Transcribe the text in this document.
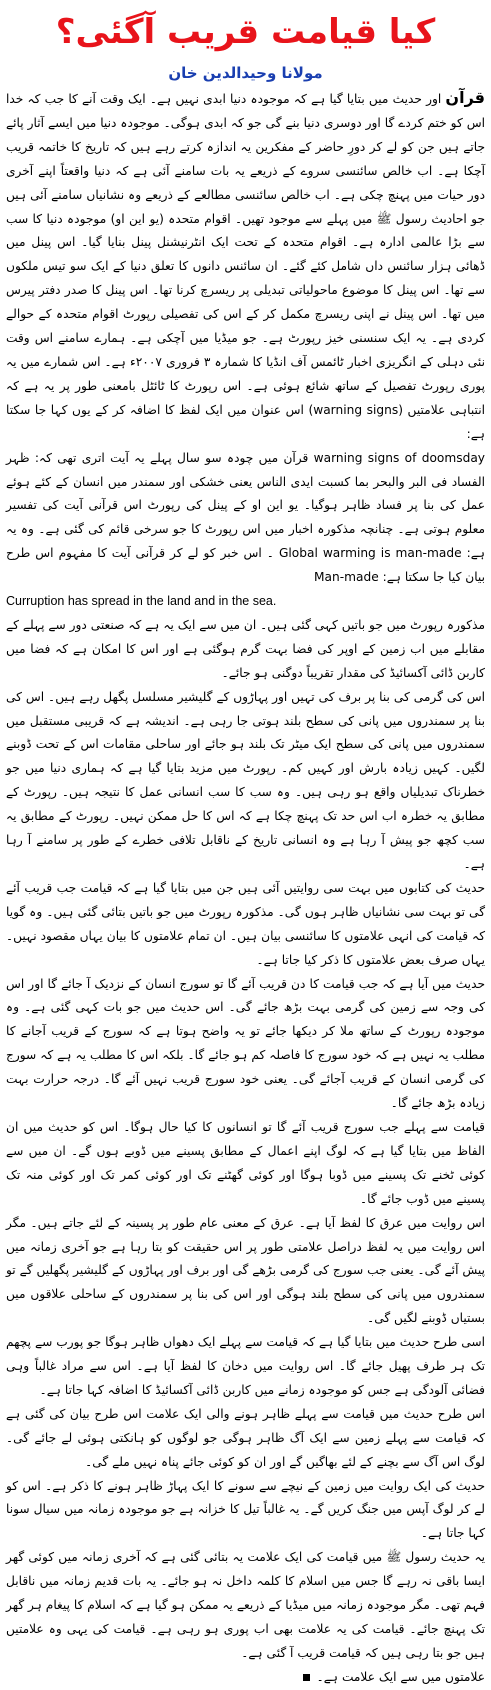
کیا قیامت قریب آگئی؟
مولانا وحیدالدین خان

قرآن اور حدیث میں بتایا گیا ہے کہ موجودہ دنیا ابدی نہیں ہے۔ ایک وقت آنے کا جب کہ خدا اس کو ختم کردے گا اور دوسری دنیا بنے گی جو کہ ابدی ہوگی۔ موجودہ دنیا میں ایسے آثار پائے جاتے ہیں جن کو لے کر دورِ حاضر کے مفکرین یہ اندازہ کرتے رہے ہیں کہ تاریخ کا خاتمہ قریب آچکا ہے۔ اب خالص سائنسی سروے کے ذریعے یہ بات سامنے آئی ہے کہ دنیا واقعتاً اپنے آخری دور حیات میں پہنچ چکی ہے۔ اب خالص سائنسی مطالعے کے ذریعے وہ نشانیاں سامنے آئی ہیں جو احادیث رسول ﷺ میں پہلے سے موجود تھیں۔ اقوام متحدہ (یو این او) موجودہ دنیا کا سب سے بڑا عالمی ادارہ ہے۔ اقوام متحدہ کے تحت ایک انٹرنیشنل پینل بنایا گیا۔ اس پینل میں ڈھائی ہزار سائنس داں شامل کئے گئے۔ ان سائنس دانوں کا تعلق دنیا کے ایک سو تیس ملکوں سے تھا۔ اس پینل کا موضوع ماحولیاتی تبدیلی پر ریسرچ کرنا تھا۔ اس پینل کا صدر دفتر پیرس میں تھا۔ اس پینل نے اپنی ریسرچ مکمل کر کے اس کی تفصیلی رپورٹ اقوام متحدہ کے حوالے کردی ہے۔ یہ ایک سنسنی خیز رپورٹ ہے۔ جو میڈیا میں آچکی ہے۔ ہمارے سامنے اس وقت نئی دہلی کے انگریزی اخبار ٹائمس آف انڈیا کا شمارہ ۳ فروری ۲۰۰۷ء ہے۔ اس شمارے میں یہ پوری رپورٹ تفصیل کے ساتھ شائع ہوئی ہے۔ اس رپورٹ کا ٹائٹل بامعنی طور پر یہ ہے کہ انتباہی علامتیں (warning signs) اس عنوان میں ایک لفظ کا اضافہ کر کے یوں کہا جا سکتا ہے:

warning signs of doomsday قرآن میں چودہ سو سال پہلے یہ آیت اتری تھی کہ: ظہر الفساد فی البر والبحر بما کسبت ایدی الناس یعنی خشکی اور سمندر میں انسان کے کئے ہوئے عمل کی بنا پر فساد ظاہر ہوگیا۔ یو این او کے پینل کی رپورٹ اس قرآنی آیت کی تفسیر معلوم ہوتی ہے۔ چنانچہ مذکورہ اخبار میں اس رپورٹ کا جو سرخی قائم کی گئی ہے۔ وہ یہ ہے: Global warming is man-made ۔ اس خبر کو لے کر قرآنی آیت کا مفہوم اس طرح بیان کیا جا سکتا ہے: Man-made

Curruption has spread in the land and in the sea.

مذکورہ رپورٹ میں جو باتیں کہی گئی ہیں۔ ان میں سے ایک یہ ہے کہ صنعتی دور سے پہلے کے مقابلے میں اب زمین کے اوپر کی فضا بہت گرم ہوگئی ہے اور اس کا امکان ہے کہ فضا میں کاربن ڈائی آکسائیڈ کی مقدار تقریباً دوگنی ہو جائے۔

اس کی گرمی کی بنا پر برف کی تہیں اور پہاڑوں کے گلیشیر مسلسل پگھل رہے ہیں۔ اس کی بنا پر سمندروں میں پانی کی سطح بلند ہوتی جا رہی ہے۔ اندیشہ ہے کہ قریبی مستقبل میں سمندروں میں پانی کی سطح ایک میٹر تک بلند ہو جائے اور ساحلی مقامات اس کے تحت ڈوبنے لگیں۔ کہیں زیادہ بارش اور کہیں کم۔ رپورٹ میں مزید بتایا گیا ہے کہ ہماری دنیا میں جو خطرناک تبدیلیاں واقع ہو رہی ہیں۔ وہ سب کا سب انسانی عمل کا نتیجہ ہیں۔ رپورٹ کے مطابق یہ خطرہ اب اس حد تک پہنچ چکا ہے کہ اس کا حل ممکن نہیں۔ رپورٹ کے مطابق یہ سب کچھ جو پیش آ رہا ہے وہ انسانی تاریخ کے ناقابل تلافی خطرے کے طور پر سامنے آ رہا ہے۔

حدیث کی کتابوں میں بہت سی روایتیں آئی ہیں جن میں بتایا گیا ہے کہ قیامت جب قریب آئے گی تو بہت سی نشانیاں ظاہر ہوں گی۔ مذکورہ رپورٹ میں جو باتیں بتائی گئی ہیں۔ وہ گویا کہ قیامت کی انہی علامتوں کا سائنسی بیان ہیں۔ ان تمام علامتوں کا بیان یہاں مقصود نہیں۔ یہاں صرف بعض علامتوں کا ذکر کیا جاتا ہے۔

حدیث میں آیا ہے کہ جب قیامت کا دن قریب آئے گا تو سورج انسان کے نزدیک آ جائے گا اور اس کی وجہ سے زمین کی گرمی بہت بڑھ جائے گی۔ اس حدیث میں جو بات کہی گئی ہے۔ وہ موجودہ رپورٹ کے ساتھ ملا کر دیکھا جائے تو یہ واضح ہوتا ہے کہ سورج کے قریب آجانے کا مطلب یہ نہیں ہے کہ خود سورج کا فاصلہ کم ہو جائے گا۔ بلکہ اس کا مطلب یہ ہے کہ سورج کی گرمی انسان کے قریب آجائے گی۔ یعنی خود سورج قریب نہیں آئے گا۔ درجہ حرارت بہت زیادہ بڑھ جائے گا۔

قیامت سے پہلے جب سورج قریب آئے گا تو انسانوں کا کیا حال ہوگا۔ اس کو حدیث میں ان الفاظ میں بتایا گیا ہے کہ لوگ اپنے اعمال کے مطابق پسینے میں ڈوبے ہوں گے۔ ان میں سے کوئی ٹخنے تک پسینے میں ڈوبا ہوگا اور کوئی گھٹنے تک اور کوئی کمر تک اور کوئی منہ تک پسینے میں ڈوب جائے گا۔

اس روایت میں عرق کا لفظ آیا ہے۔ عرق کے معنی عام طور پر پسینہ کے لئے جاتے ہیں۔ مگر اس روایت میں یہ لفظ دراصل علامتی طور پر اس حقیقت کو بتا رہا ہے جو آخری زمانہ میں پیش آئے گی۔ یعنی جب سورج کی گرمی بڑھے گی اور برف اور پہاڑوں کے گلیشیر پگھلیں گے تو سمندروں میں پانی کی سطح بلند ہوگی اور اس کی بنا پر سمندروں کے ساحلی علاقوں میں بستیاں ڈوبنے لگیں گی۔

اسی طرح حدیث میں بتایا گیا ہے کہ قیامت سے پہلے ایک دھواں ظاہر ہوگا جو پورب سے پچھم تک ہر طرف پھیل جائے گا۔ اس روایت میں دخان کا لفظ آیا ہے۔ اس سے مراد غالباً وہی فضائی آلودگی ہے جس کو موجودہ زمانے میں کاربن ڈائی آکسائیڈ کا اضافہ کہا جاتا ہے۔

اس طرح حدیث میں قیامت سے پہلے ظاہر ہونے والی ایک علامت اس طرح بیان کی گئی ہے کہ قیامت سے پہلے زمین سے ایک آگ ظاہر ہوگی جو لوگوں کو ہانکتی ہوئی لے جائے گی۔ لوگ اس آگ سے بچنے کے لئے بھاگیں گے اور ان کو کوئی جائے پناہ نہیں ملے گی۔

حدیث کی ایک روایت میں زمین کے نیچے سے سونے کا ایک پہاڑ ظاہر ہونے کا ذکر ہے۔ اس کو لے کر لوگ آپس میں جنگ کریں گے۔ یہ غالباً تیل کا خزانہ ہے جو موجودہ زمانہ میں سیال سونا کہا جاتا ہے۔

یہ حدیث رسول ﷺ میں قیامت کی ایک علامت یہ بتائی گئی ہے کہ آخری زمانہ میں کوئی گھر ایسا باقی نہ رہے گا جس میں اسلام کا کلمہ داخل نہ ہو جائے۔ یہ بات قدیم زمانہ میں ناقابل فہم تھی۔ مگر موجودہ زمانہ میں میڈیا کے ذریعے یہ ممکن ہو گیا ہے کہ اسلام کا پیغام ہر گھر تک پہنچ جائے۔ قیامت کی یہ علامت بھی اب پوری ہو رہی ہے۔ قیامت کی یہی وہ علامتیں ہیں جو بتا رہی ہیں کہ قیامت قریب آ گئی ہے۔

علامتوں میں سے ایک علامت ہے۔
